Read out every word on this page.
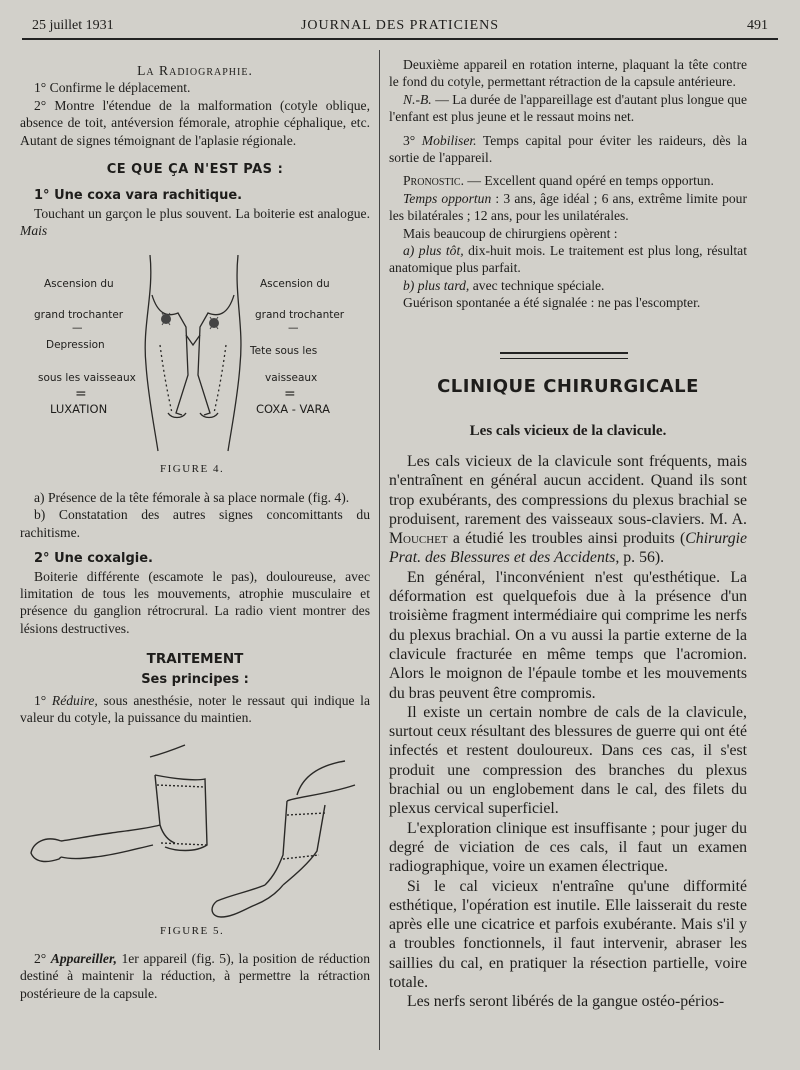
25 juillet 1931	JOURNAL DES PRATICIENS	491

La Radiographie.

1° Confirme le déplacement.

2° Montre l'étendue de la malformation (cotyle oblique, absence de toit, antéversion fémorale, atrophie céphalique, etc. Autant de signes témoignant de l'aplasie régionale.

CE QUE ÇA N'EST PAS :

1° Une coxa vara rachitique.

Touchant un garçon le plus souvent. La boiterie est analogue. Mais

Ascension du
grand trochanter
—
Depression
sous les vaisseaux
=
LUXATION
Ascension du
grand trochanter
—
Tete sous les
vaisseaux
=
COXA - VARA
FIGURE 4.

a) Présence de la tête fémorale à sa place normale (fig. 4).

b) Constatation des autres signes concomittants du rachitisme.

2° Une coxalgie.

Boiterie différente (escamote le pas), douloureuse, avec limitation de tous les mouvements, atrophie musculaire et présence du ganglion rétrocrural. La radio vient montrer des lésions destructives.

TRAITEMENT

Ses principes :

1° Réduire, sous anesthésie, noter le ressaut qui indique la valeur du cotyle, la puissance du maintien.

FIGURE 5.

2° Appareiller, 1er appareil (fig. 5), la position de réduction destiné à maintenir la réduction, à permettre la rétraction postérieure de la capsule.

Deuxième appareil en rotation interne, plaquant la tête contre le fond du cotyle, permettant rétraction de la capsule antérieure.

N.-B. — La durée de l'appareillage est d'autant plus longue que l'enfant est plus jeune et le ressaut moins net.

3° Mobiliser. Temps capital pour éviter les raideurs, dès la sortie de l'appareil.

Pronostic. — Excellent quand opéré en temps opportun.

Temps opportun : 3 ans, âge idéal ; 6 ans, extrême limite pour les bilatérales ; 12 ans, pour les unilatérales.

Mais beaucoup de chirurgiens opèrent :

a) plus tôt, dix-huit mois. Le traitement est plus long, résultat anatomique plus parfait.

b) plus tard, avec technique spéciale.

Guérison spontanée a été signalée : ne pas l'escompter.

CLINIQUE CHIRURGICALE
Les cals vicieux de la clavicule.

Les cals vicieux de la clavicule sont fréquents, mais n'entraînent en général aucun accident. Quand ils sont trop exubérants, des compressions du plexus brachial se produisent, rarement des vaisseaux sous-claviers. M. A. Mouchet a étudié les troubles ainsi produits (Chirurgie Prat. des Blessures et des Accidents, p. 56).

En général, l'inconvénient n'est qu'esthétique. La déformation est quelquefois due à la présence d'un troisième fragment intermédiaire qui comprime les nerfs du plexus brachial. On a vu aussi la partie externe de la clavicule fracturée en même temps que l'acromion. Alors le moignon de l'épaule tombe et les mouvements du bras peuvent être compromis.

Il existe un certain nombre de cals de la clavicule, surtout ceux résultant des blessures de guerre qui ont été infectés et restent douloureux. Dans ces cas, il s'est produit une compression des branches du plexus brachial ou un englobement dans le cal, des filets du plexus cervical superficiel.

L'exploration clinique est insuffisante ; pour juger du degré de viciation de ces cals, il faut un examen radiographique, voire un examen électrique.

Si le cal vicieux n'entraîne qu'une difformité esthétique, l'opération est inutile. Elle laisserait du reste après elle une cicatrice et parfois exubérante. Mais s'il y a troubles fonctionnels, il faut intervenir, abraser les saillies du cal, en pratiquer la résection partielle, voire totale.

Les nerfs seront libérés de la gangue ostéo-périos-
